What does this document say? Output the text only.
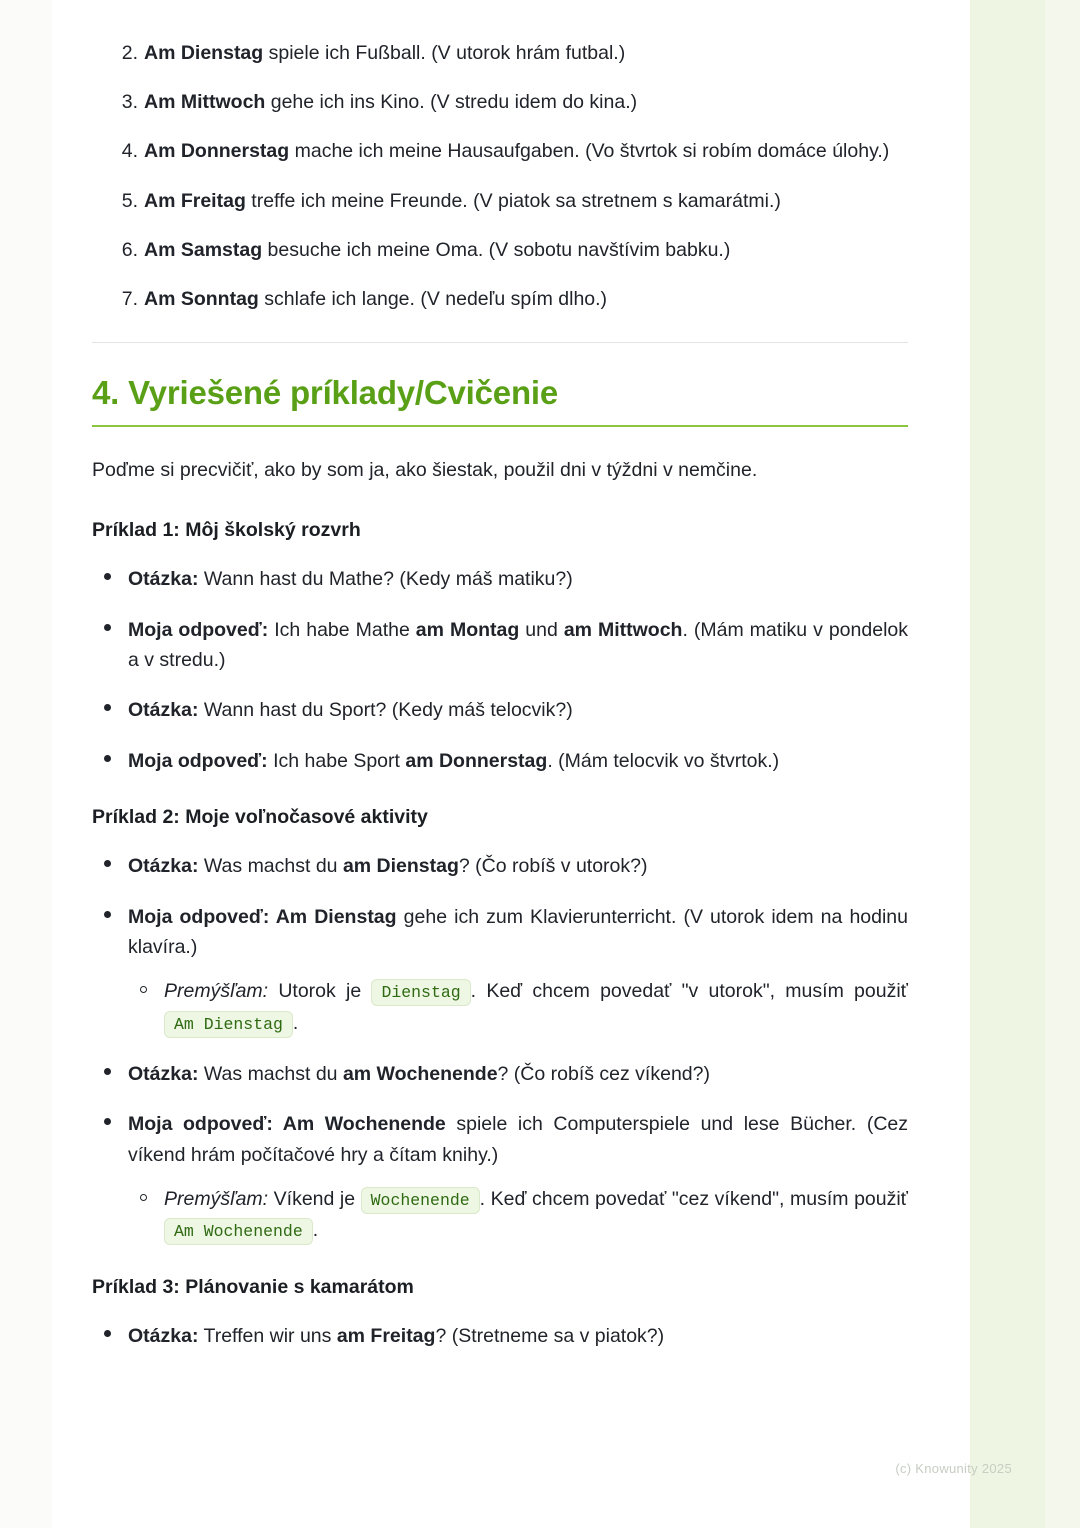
2. Am Dienstag spiele ich Fußball. (V utorok hrám futbal.)
3. Am Mittwoch gehe ich ins Kino. (V stredu idem do kina.)
4. Am Donnerstag mache ich meine Hausaufgaben. (Vo štvrtok si robím domáce úlohy.)
5. Am Freitag treffe ich meine Freunde. (V piatok sa stretnem s kamarátmi.)
6. Am Samstag besuche ich meine Oma. (V sobotu navštívim babku.)
7. Am Sonntag schlafe ich lange. (V nedeľu spím dlho.)
4. Vyriešené príklady/Cvičenie

Poďme si precvičiť, ako by som ja, ako šiestak, použil dni v týždni v nemčine.

Príklad 1: Môj školský rozvrh
Otázka: Wann hast du Mathe? (Kedy máš matiku?)
Moja odpoveď: Ich habe Mathe am Montag und am Mittwoch. (Mám matiku v pondelok a v stredu.)
Otázka: Wann hast du Sport? (Kedy máš telocvik?)
Moja odpoveď: Ich habe Sport am Donnerstag. (Mám telocvik vo štvrtok.)
Príklad 2: Moje voľnočasové aktivity
Otázka: Was machst du am Dienstag? (Čo robíš v utorok?)
Moja odpoveď: Am Dienstag gehe ich zum Klavierunterricht. (V utorok idem na hodinu klavíra.)
Premýšľam: Utorok je Dienstag . Keď chcem povedať "v utorok", musím použiť Am Dienstag .
Otázka: Was machst du am Wochenende? (Čo robíš cez víkend?)
Moja odpoveď: Am Wochenende spiele ich Computerspiele und lese Bücher. (Cez víkend hrám počítačové hry a čítam knihy.)
Premýšľam: Víkend je Wochenende . Keď chcem povedať "cez víkend", musím použiť Am Wochenende .
Príklad 3: Plánovanie s kamarátom
Otázka: Treffen wir uns am Freitag? (Stretneme sa v piatok?)
(c) Knowunity 2025
